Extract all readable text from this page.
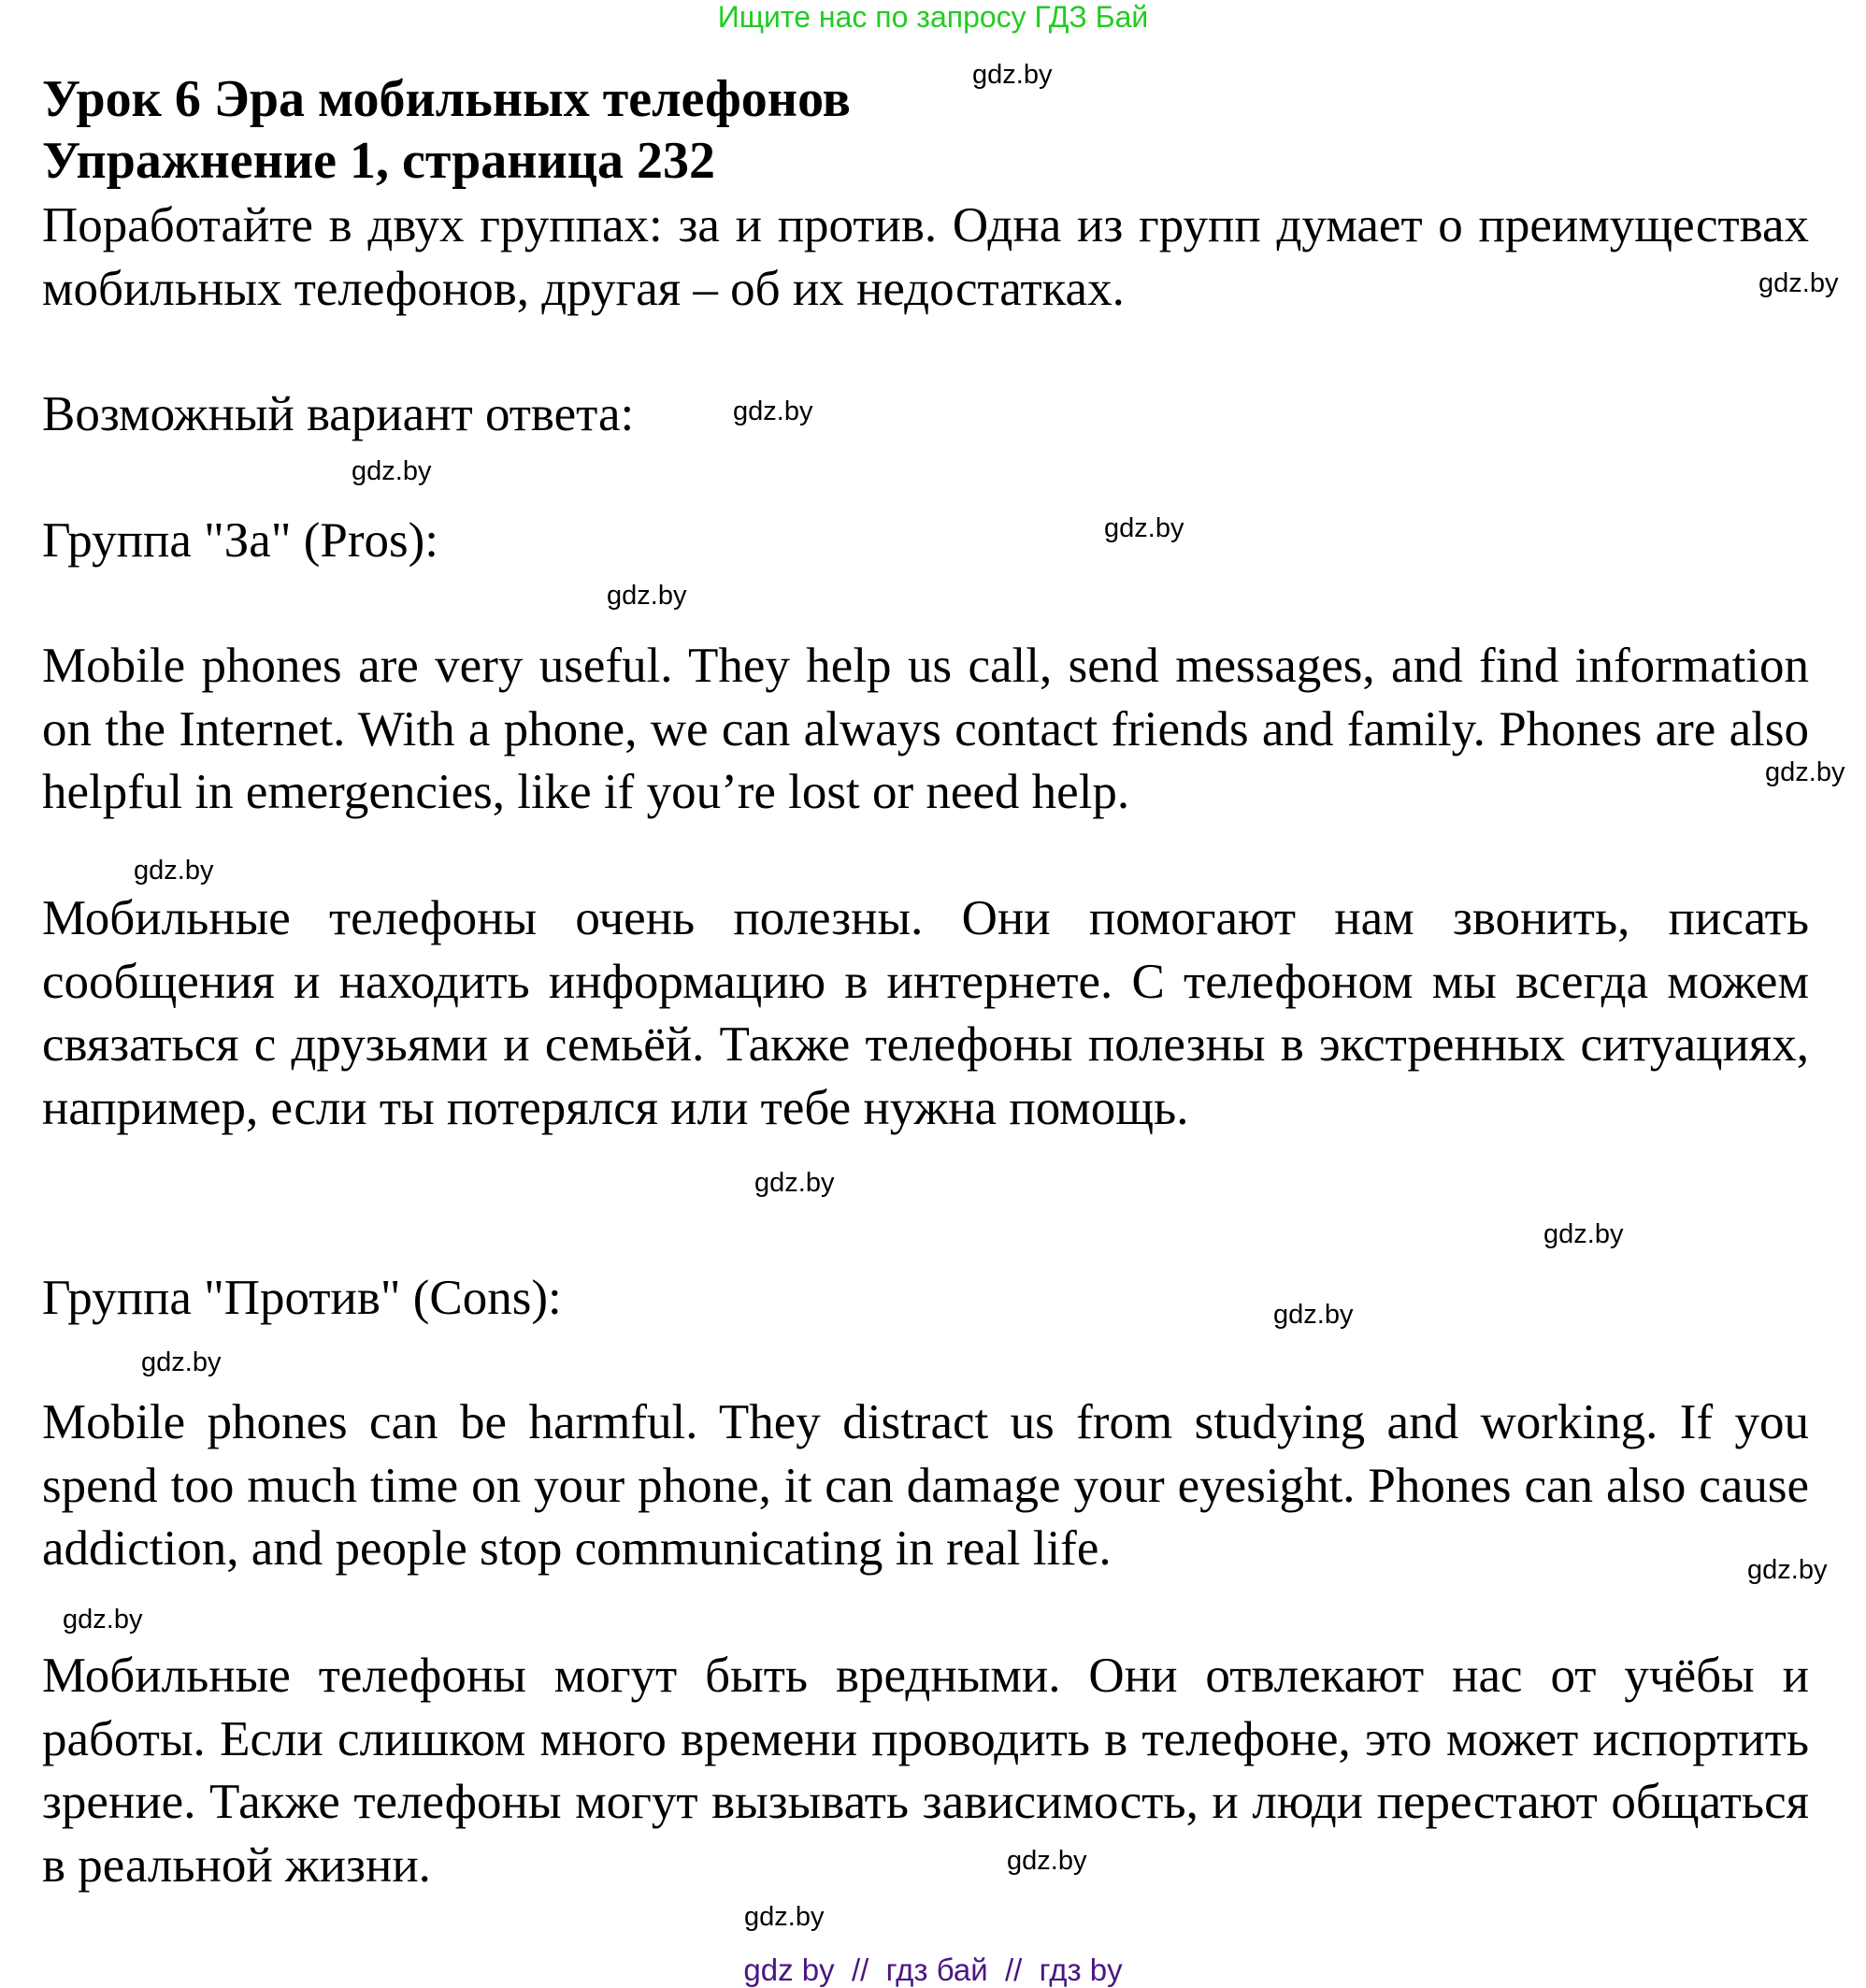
Ищите нас по запросу ГДЗ Бай
Урок 6 Эра мобильных телефонов
Упражнение 1, страница 232
Поработайте в двух группах: за и против. Одна из групп думает о преимуществах мобильных телефонов, другая – об их недостатках.
Возможный вариант ответа:
Группа "За" (Pros):
Mobile phones are very useful. They help us call, send messages, and find information on the Internet. With a phone, we can always contact friends and family. Phones are also helpful in emergencies, like if you’re lost or need help.
Мобильные телефоны очень полезны. Они помогают нам звонить, писать сообщения и находить информацию в интернете. С телефоном мы всегда можем связаться с друзьями и семьёй. Также телефоны полезны в экстренных ситуациях, например, если ты потерялся или тебе нужна помощь.
Группа "Против" (Cons):
Mobile phones can be harmful. They distract us from studying and working. If you spend too much time on your phone, it can damage your eyesight. Phones can also cause addiction, and people stop communicating in real life.
Мобильные телефоны могут быть вредными. Они отвлекают нас от учёбы и работы. Если слишком много времени проводить в телефоне, это может испортить зрение. Также телефоны могут вызывать зависимость, и люди перестают общаться в реальной жизни.
gdz.by
gdz.by
gdz.by
gdz.by
gdz.by
gdz.by
gdz.by
gdz.by
gdz.by
gdz.by
gdz.by
gdz.by
gdz.by
gdz.by
gdz.by
gdz.by
gdz by  //  гдз бай  //  гдз by
